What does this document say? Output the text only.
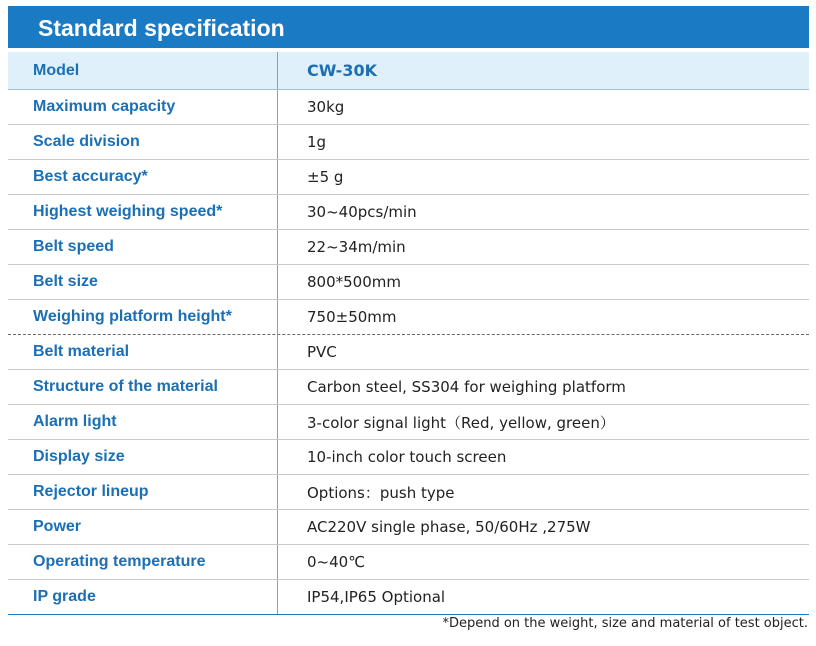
Standard specification
Model	CW-30K
Maximum capacity	30kg
Scale division	1g
Best accuracy*	±5 g
Highest weighing speed*	30~40pcs/min
Belt speed	22~34m/min
Belt size	800*500mm
Weighing platform height*	750±50mm
Belt material	PVC
Structure of the material	Carbon steel, SS304 for weighing platform
Alarm light	3-color signal light（Red, yellow, green）
Display size	10-inch color touch screen
Rejector lineup	Options：push type
Power	AC220V single phase, 50/60Hz ,275W
Operating temperature	0~40℃
IP grade	IP54,IP65 Optional
*Depend on the weight, size and material of test object.
